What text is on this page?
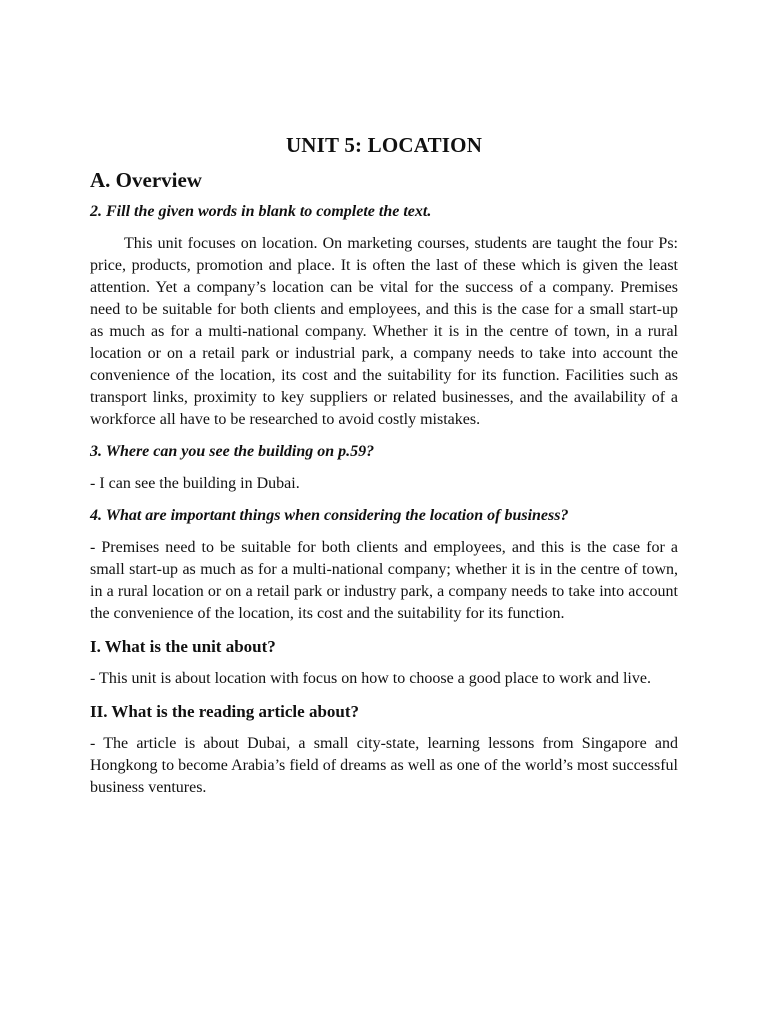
UNIT 5: LOCATION
A. Overview
2. Fill the given words in blank to complete the text.
This unit focuses on location. On marketing courses, students are taught the four Ps: price, products, promotion and place. It is often the last of these which is given the least attention. Yet a company’s location can be vital for the success of a company. Premises need to be suitable for both clients and employees, and this is the case for a small start-up as much as for a multi-national company. Whether it is in the centre of town, in a rural location or on a retail park or industrial park, a company needs to take into account the convenience of the location, its cost and the suitability for its function. Facilities such as transport links, proximity to key suppliers or related businesses, and the availability of a workforce all have to be researched to avoid costly mistakes.
3. Where can you see the building on p.59?
- I can see the building in Dubai.
4. What are important things when considering the location of business?
- Premises need to be suitable for both clients and employees, and this is the case for a small start-up as much as for a multi-national company; whether it is in the centre of town, in a rural location or on a retail park or industry park, a company needs to take into account the convenience of the location, its cost and the suitability for its function.
I. What is the unit about?
- This unit is about location with focus on how to choose a good place to work and live.
II. What is the reading article about?
- The article is about Dubai, a small city-state, learning lessons from Singapore and Hongkong to become Arabia’s field of dreams as well as one of the world’s most successful business ventures.
